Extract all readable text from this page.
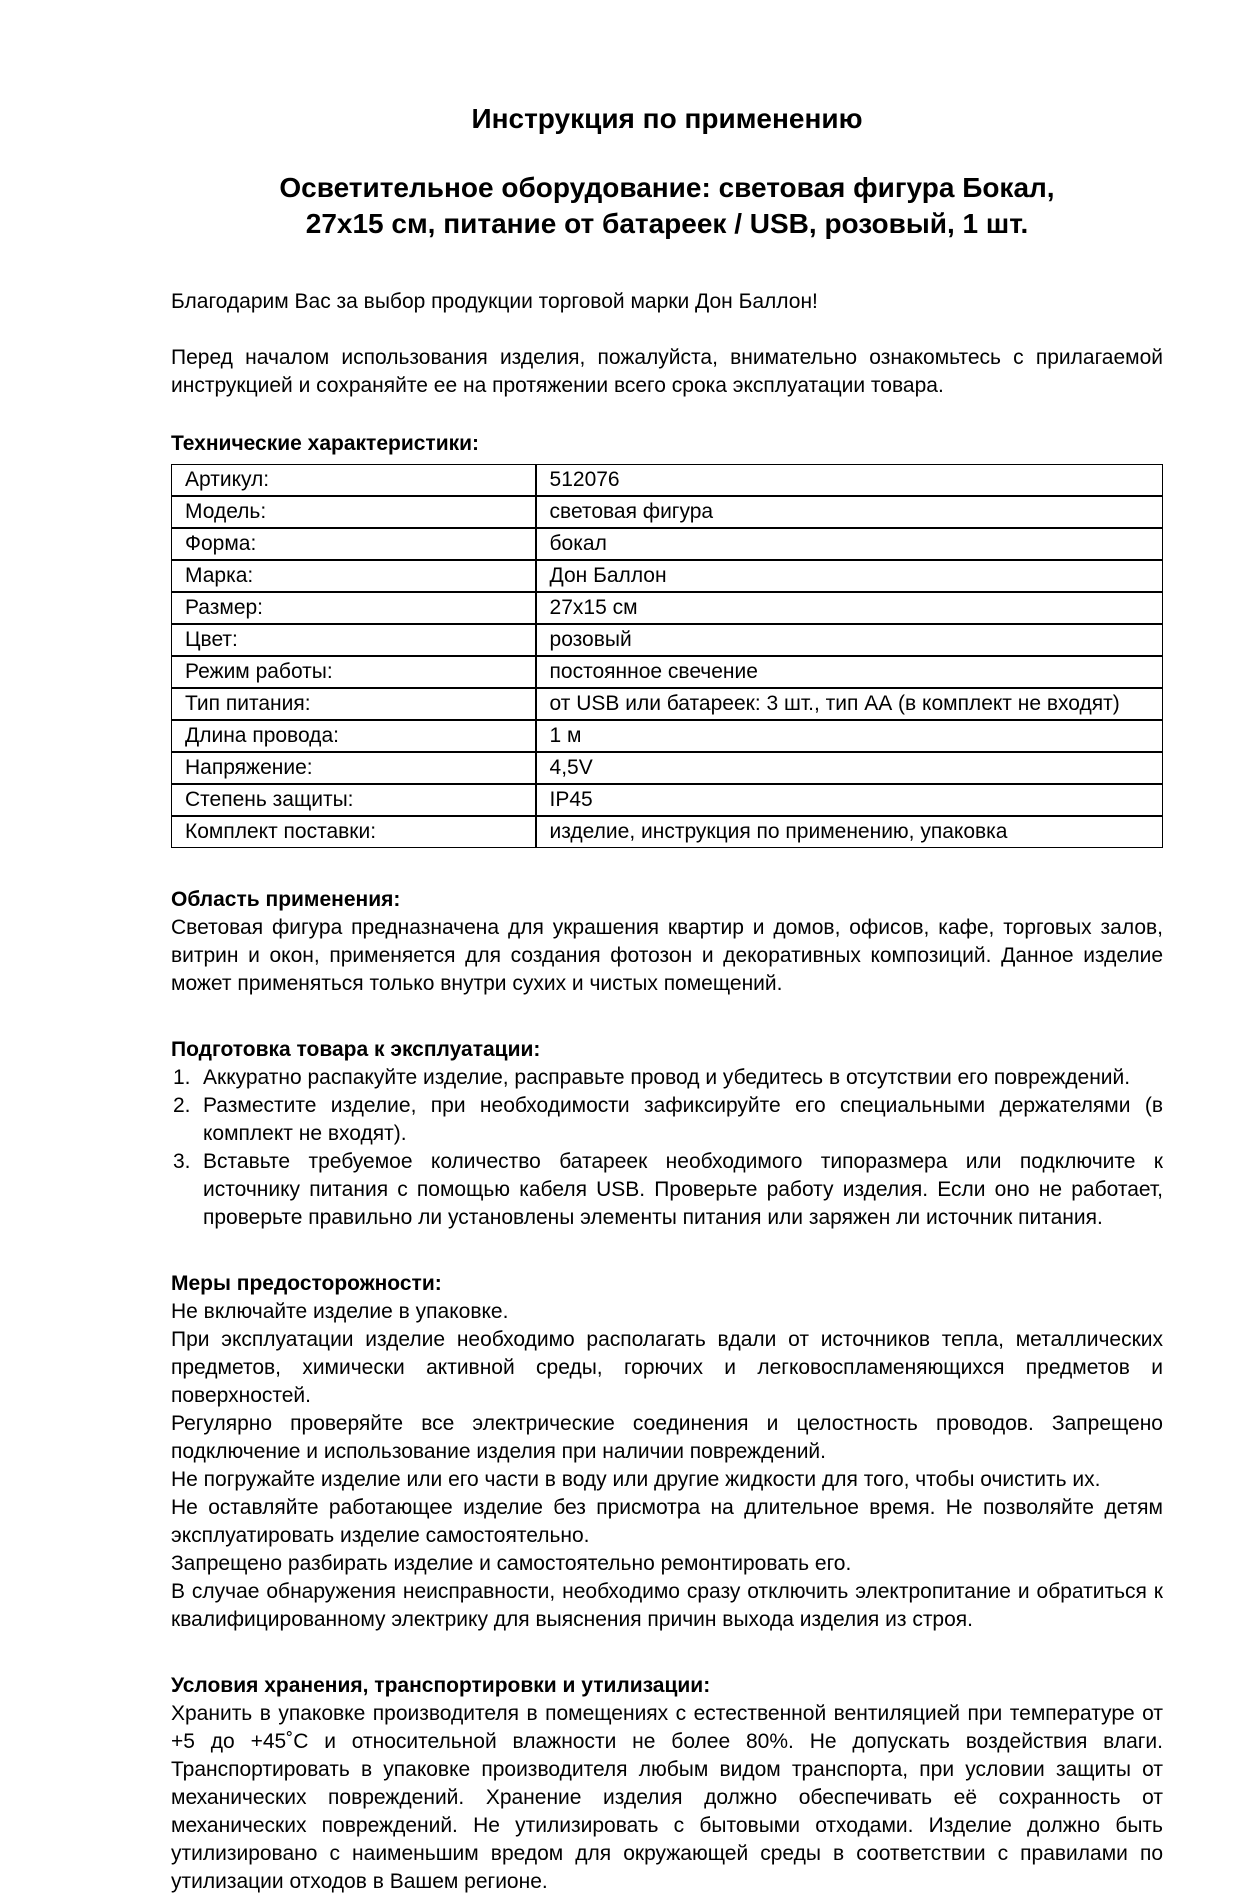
Инструкция по применению
Осветительное оборудование: световая фигура Бокал,
27х15 см, питание от батареек / USB, розовый, 1 шт.

Благодарим Вас за выбор продукции торговой марки Дон Баллон!

Перед началом использования изделия, пожалуйста, внимательно ознакомьтесь с прилагаемой инструкцией и сохраняйте ее на протяжении всего срока эксплуатации товара.

Технические характеристики:
Артикул:	512076
Модель:	световая фигура
Форма:	бокал
Марка:	Дон Баллон
Размер:	27х15 см
Цвет:	розовый
Режим работы:	постоянное свечение
Тип питания:	от USB или батареек: 3 шт., тип АА (в комплект не входят)
Длина провода:	1 м
Напряжение:	4,5V
Степень защиты:	IP45
Комплект поставки:	изделие, инструкция по применению, упаковка
Область применения:

Световая фигура предназначена для украшения квартир и домов, офисов, кафе, торговых залов, витрин и окон, применяется для создания фотозон и декоративных композиций. Данное изделие может применяться только внутри сухих и чистых помещений.

Подготовка товара к эксплуатации:
1. Аккуратно распакуйте изделие, расправьте провод и убедитесь в отсутствии его повреждений.
2. Разместите изделие, при необходимости зафиксируйте его специальными держателями (в комплект не входят).
3. Вставьте требуемое количество батареек необходимого типоразмера или подключите к источнику питания с помощью кабеля USB. Проверьте работу изделия. Если оно не работает, проверьте правильно ли установлены элементы питания или заряжен ли источник питания.
Меры предосторожности:

Не включайте изделие в упаковке.

При эксплуатации изделие необходимо располагать вдали от источников тепла, металлических предметов, химически активной среды, горючих и легковоспламеняющихся предметов и поверхностей.

Регулярно проверяйте все электрические соединения и целостность проводов. Запрещено подключение и использование изделия при наличии повреждений.

Не погружайте изделие или его части в воду или другие жидкости для того, чтобы очистить их.

Не оставляйте работающее изделие без присмотра на длительное время. Не позволяйте детям эксплуатировать изделие самостоятельно.

Запрещено разбирать изделие и самостоятельно ремонтировать его.

В случае обнаружения неисправности, необходимо сразу отключить электропитание и обратиться к квалифицированному электрику для выяснения причин выхода изделия из строя.

Условия хранения, транспортировки и утилизации:

Хранить в упаковке производителя в помещениях с естественной вентиляцией при температуре от +5 до +45˚С и относительной влажности не более 80%. Не допускать воздействия влаги. Транспортировать в упаковке производителя любым видом транспорта, при условии защиты от механических повреждений. Хранение изделия должно обеспечивать её сохранность от механических повреждений. Не утилизировать с бытовыми отходами. Изделие должно быть утилизировано с наименьшим вредом для окружающей среды в соответствии с правилами по утилизации отходов в Вашем регионе.
